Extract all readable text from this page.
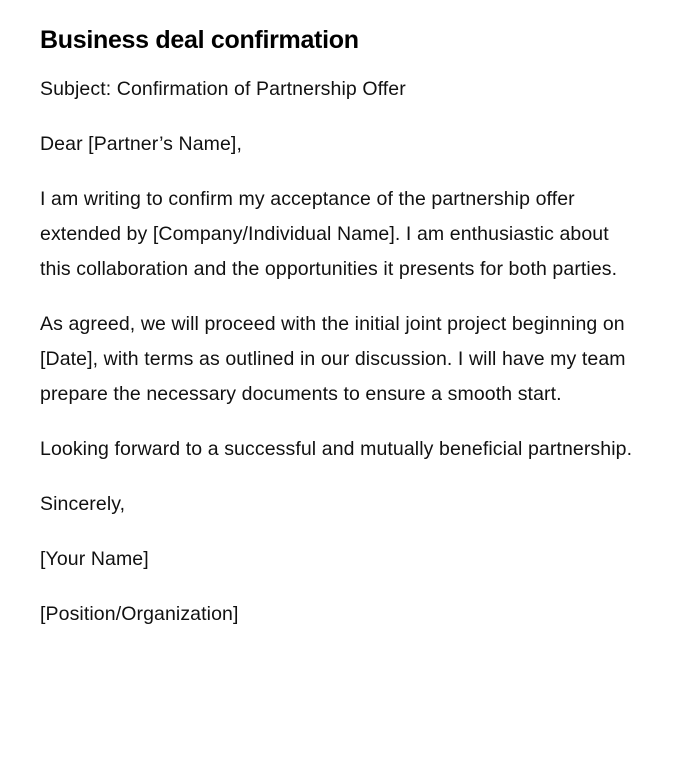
Business deal confirmation

Subject: Confirmation of Partnership Offer

Dear [Partner’s Name],

I am writing to confirm my acceptance of the partnership offer extended by [Company/Individual Name]. I am enthusiastic about this collaboration and the opportunities it presents for both parties.

As agreed, we will proceed with the initial joint project beginning on [Date], with terms as outlined in our discussion. I will have my team prepare the necessary documents to ensure a smooth start.

Looking forward to a successful and mutually beneficial partnership.

Sincerely,

[Your Name]

[Position/Organization]
